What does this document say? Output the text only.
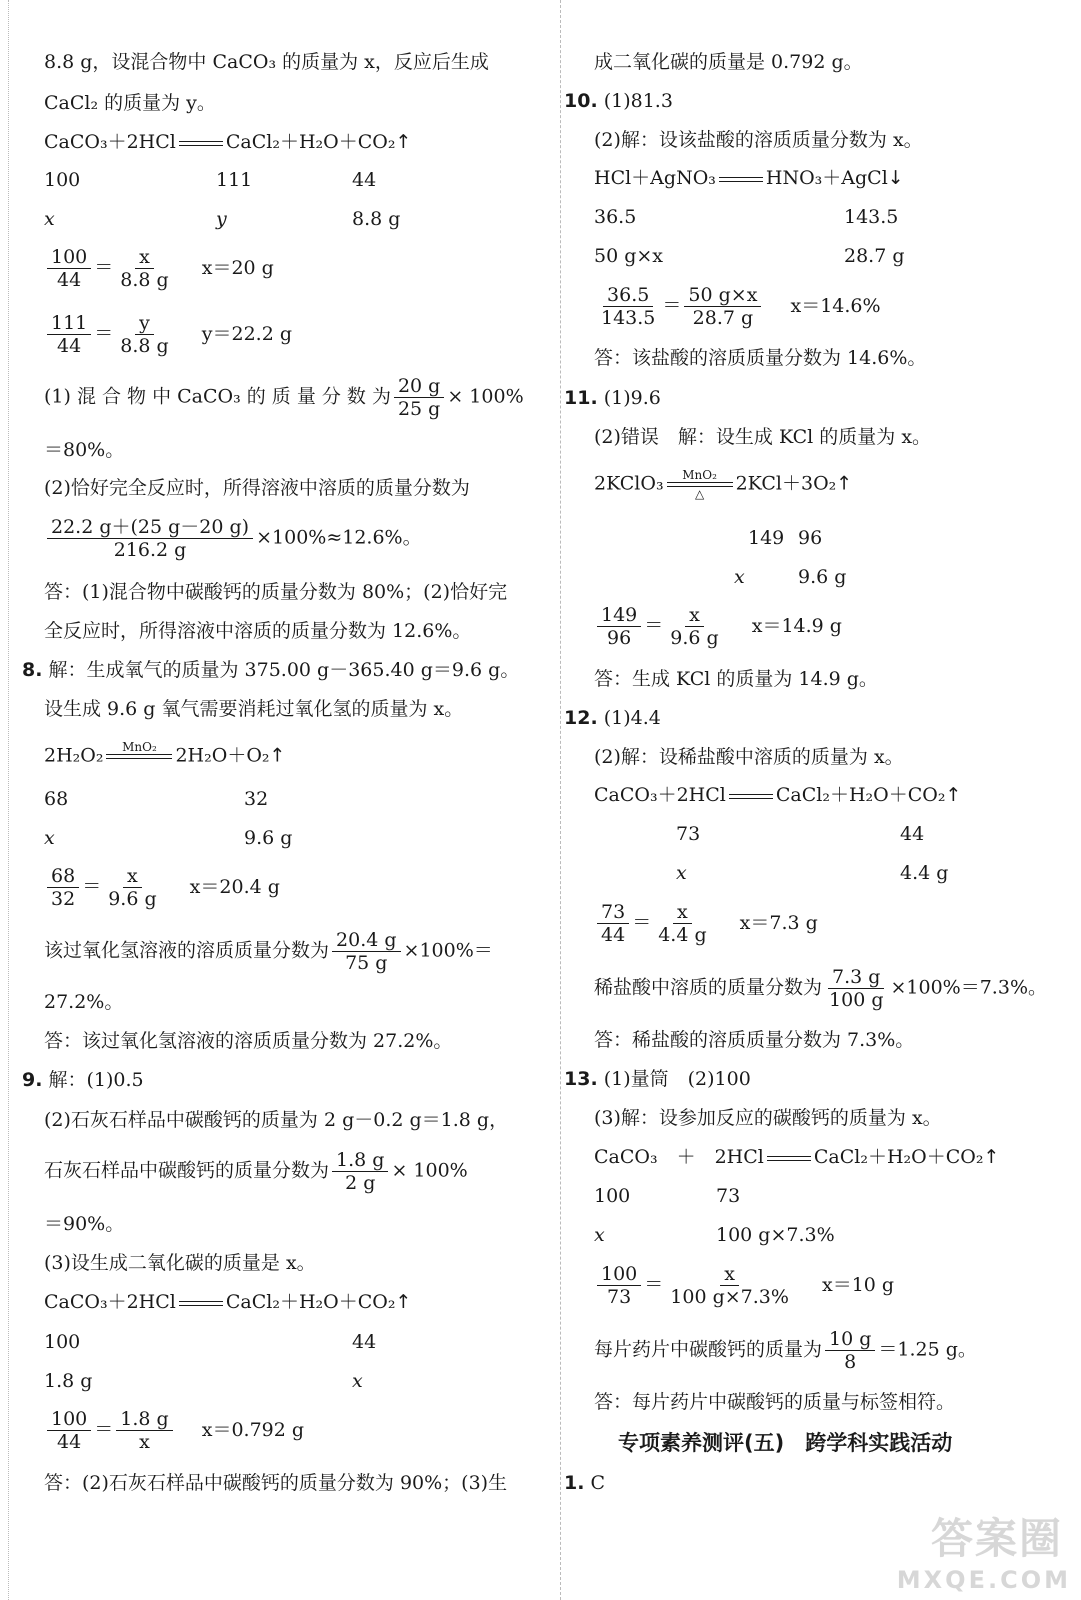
8.8 g，设混合物中 CaCO₃ 的质量为 x，反应后生成
CaCl₂ 的质量为 y。
CaCO₃＋2HCl	CaCl₂＋H₂O＋CO₂↑
100	111	44
x	y	8.8 g
$\frac{100}{44} = \frac{x}{8.8 g} x=20$ g
$\frac{111}{44} = \frac{y}{8.8 g} y=22.2$ g
(1) 混 合 物 中 CaCO₃ 的 质 量 分 数 为 $\frac{20 g}{25 g} \times 100\%$
＝80%。
(2)恰好完全反应时，所得溶液中溶质的质量分数为
$\frac{22.2 g+(25 g-20 g)}{216.2 g} \times 100\%\approx 12.6\%$。
答：(1)混合物中碳酸钙的质量分数为 80%；(2)恰好完
全反应时，所得溶液中溶质的质量分数为 12.6%。
8. 解：生成氧气的质量为 375.00 g－365.40 g＝9.6 g。
设生成 9.6 g 氧气需要消耗过氧化氢的质量为 x。
2H₂O₂ MnO₂
2H₂O＋O₂↑
68	32
x	9.6 g
$\frac{68}{32} = \frac{x}{9.6 g} x=20.4$ g
该过氧化氢溶液的溶质质量分数为 $\frac{20.4 g}{75 g} \times 100\%=$
27.2%。
答：该过氧化氢溶液的溶质质量分数为 27.2%。
9. 解：(1)0.5
(2)石灰石样品中碳酸钙的质量为 2 g－0.2 g＝1.8 g，
石灰石样品中碳酸钙的质量分数为 $\frac{1.8 g}{2 g} \times 100\%$
＝90%。
(3)设生成二氧化碳的质量是 x。
CaCO₃＋2HCl	CaCl₂＋H₂O＋CO₂↑
100	44
1.8 g	x
$\frac{100}{44} = \frac{1.8 g}{x} x=0.792$ g
答：(2)石灰石样品中碳酸钙的质量分数为 90%；(3)生
成二氧化碳的质量是 0.792 g。
10. (1)81.3
(2)解：设该盐酸的溶质质量分数为 x。
HCl＋AgNO₃	HNO₃＋AgCl↓
36.5	143.5
50 g×x	28.7 g
$\frac{36.5}{143.5} = \frac{50 g\times x}{28.7 g} x=14.6\%$
答：该盐酸的溶质质量分数为 14.6%。
11. (1)9.6
(2)错误　解：设生成 KCl 的质量为 x。
2KClO₃ MnO₂
△ 2KCl＋3O₂↑
149 96
x	9.6 g
$\frac{149}{96} = \frac{x}{9.6 g} x=14.9$ g
答：生成 KCl 的质量为 14.9 g。
12. (1)4.4
(2)解：设稀盐酸中溶质的质量为 x。
CaCO₃＋2HCl	CaCl₂＋H₂O＋CO₂↑
73	44
x	4.4 g
$\frac{73}{44} = \frac{x}{4.4 g} x=7.3$ g
稀盐酸中溶质的质量分数为 $\frac{7.3 g}{100 g} \times 100\%=7.3\%$。
答：稀盐酸的溶质质量分数为 7.3%。
13. (1)量筒　(2)100
(3)解：设参加反应的碳酸钙的质量为 x。
CaCO₃　＋　2HCl	CaCl₂＋H₂O＋CO₂↑
100	73
x	100 g×7.3%
$\frac{100}{73} = \frac{x}{100 g\times 7.3\%} x=10$ g
每片药片中碳酸钙的质量为 $\frac{10 g}{8} =1.25$ g。
答：每片药片中碳酸钙的质量与标签相符。
专项素养测评(五)　跨学科实践活动
1. C
答案圈
MXQE.COM
